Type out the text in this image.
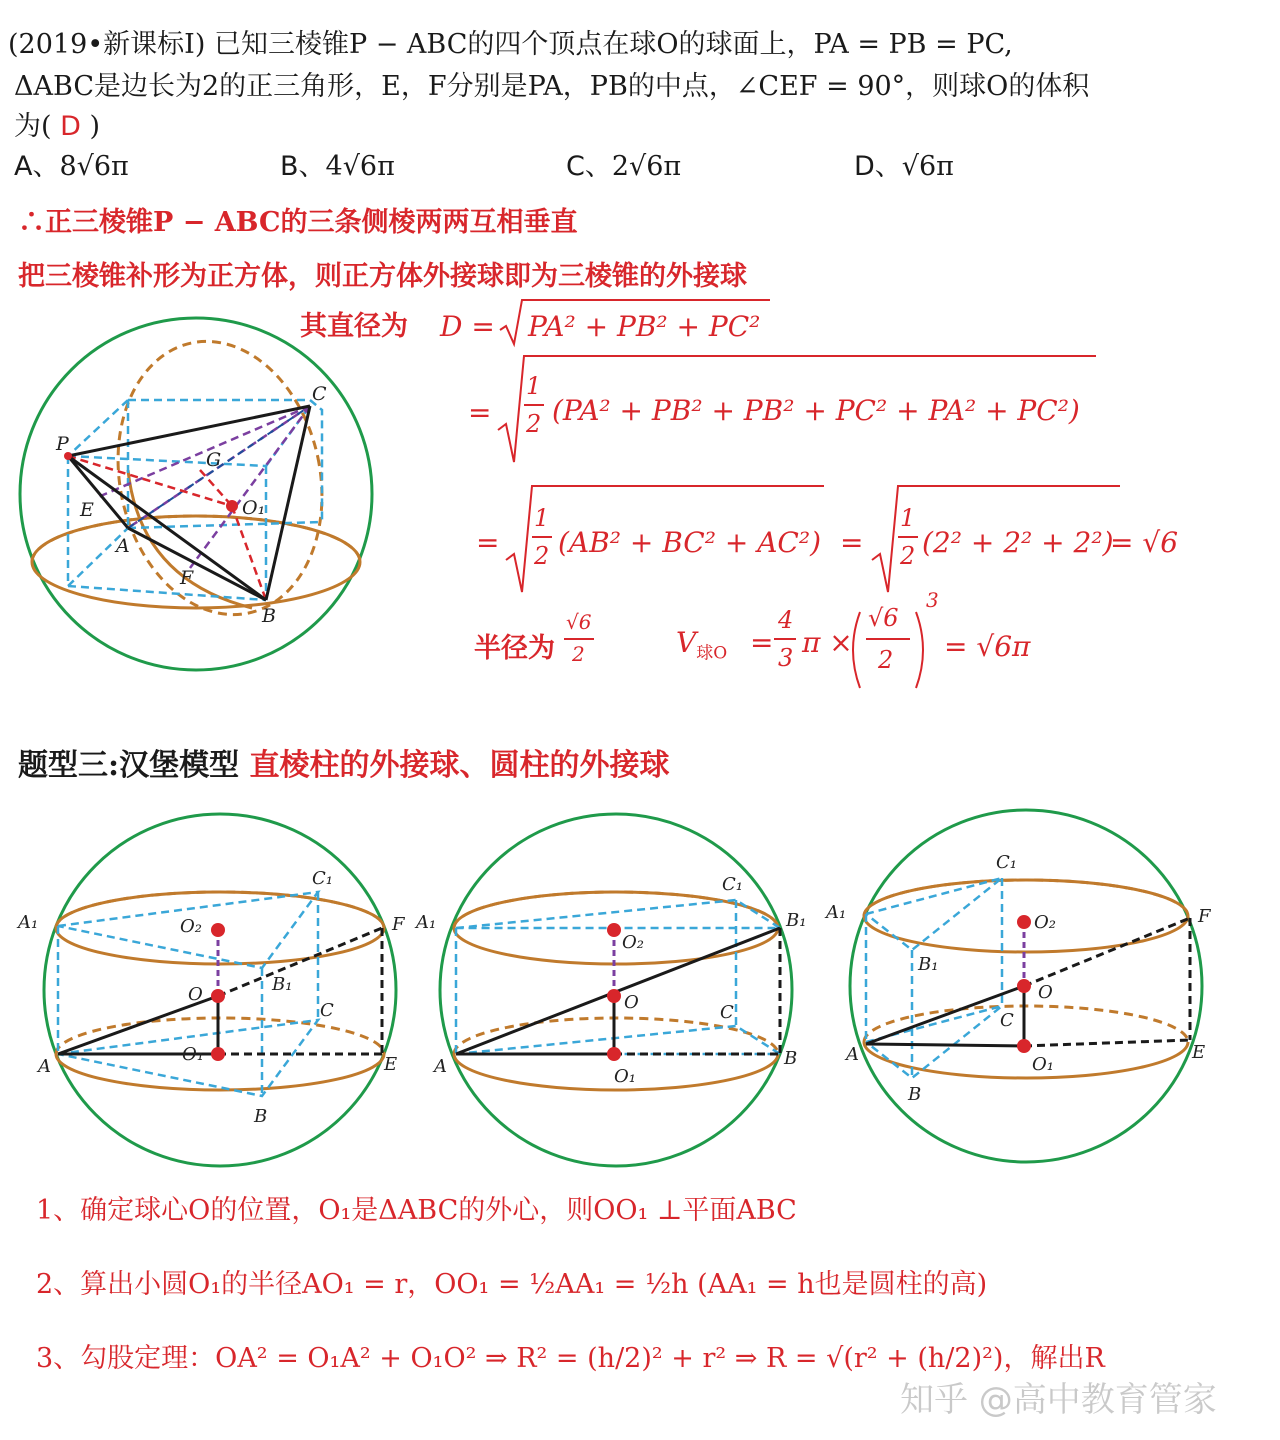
(2019•新课标Ⅰ) 已知三棱锥P − ABC的四个顶点在球O的球面上，PA = PB = PC,
ΔABC是边长为2的正三角形，E，F分别是PA，PB的中点，∠CEF = 90°，则球O的体积
为( D )
A、8√6π	B、4√6π	C、2√6π	D、√6π
∴正三棱锥P − ABC的三条侧棱两两互相垂直
把三棱锥补形为正方体，则正方体外接球即为三棱锥的外接球
其直径为 D = PA² + PB² + PC²
=
1
2 (PA² + PB² + PB² + PC² + PA² + PC²)
=
1
2 (AB² + BC² + AC²) =
1
2 (2² + 2² + 2²)
= √6
半径为
√6
2	$V_{球O}$ =
4
3 π ×
√6
2
3
= √6π
P
C
G
E
A
F
B
O₁
题型三:汉堡模型 直棱柱的外接球、圆柱的外接球
A₁
C₁
F
O₂
O	B₁
C
A
O₁	E
B
A₁
C₁
B₁
O₂
O	C
A	O₁
B
A₁
C₁
F
O₂
O
B₁
C
A	O₁
E
B
1、确定球心O的位置，O₁是ΔABC的外心，则OO₁ ⊥平面ABC
2、算出小圆O₁的半径AO₁ = r，OO₁ = ½AA₁ = ½h (AA₁ = h也是圆柱的高)
3、勾股定理：OA² = O₁A² + O₁O² ⇒ R² = (h/2)² + r² ⇒ R = √(r² + (h/2)²)，解出R
知乎 @高中教育管家
